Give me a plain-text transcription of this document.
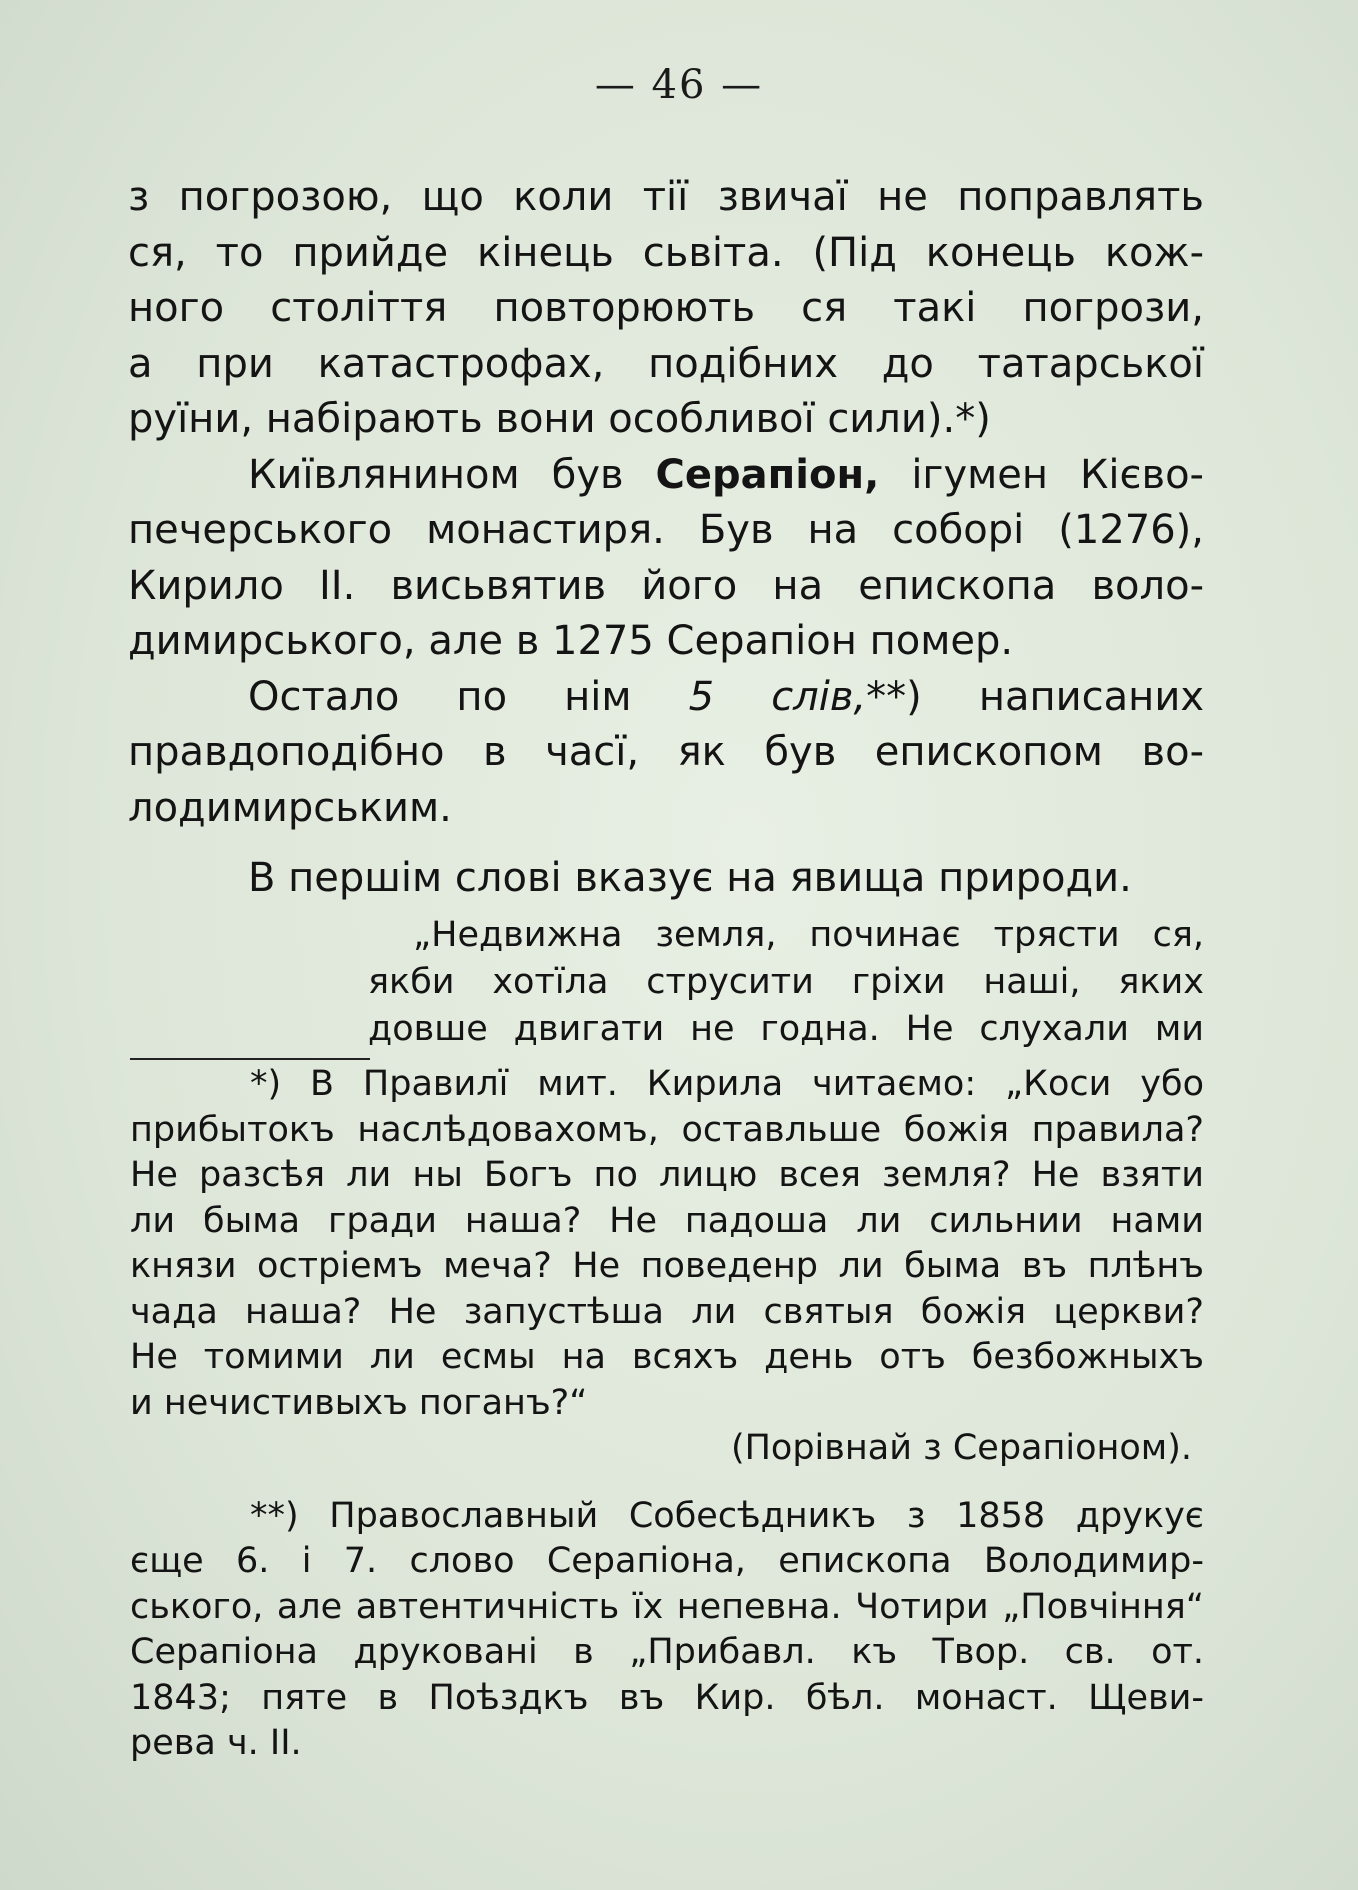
— 46 —
з погрозою, що коли тії звичаї не поправлять
ся, то прийде кінець сьвіта. (Під конець кож-
ного століття повторюють ся такі погрози,
а при катастрофах, подібних до татарської
руїни, набірають вони особливої сили).*)
Київлянином був Серапіон, ігумен Кієво-
печерського монастиря. Був на соборі (1276),
Кирило II. висьвятив його на епископа воло-
димирського, але в 1275 Серапіон помер.
Остало по нім 5 слів,**) написаних
правдоподібно в часї, як був епископом во-
лодимирським.
В першім слові вказує на явища природи.
„Недвижна земля, починає трясти ся,
якби хотїла струсити гріхи наші, яких
довше двигати не годна. Не слухали ми
*) В Правилї мит. Кирила читаємо: „Коси убо
прибытокъ наслѣдовахомъ, оставльше божія правила?
Не разсѣя ли ны Богъ по лицю всея земля? Не взяти
ли быма гради наша? Не падоша ли сильнии нами
князи остріемъ меча? Не поведенр ли быма въ плѣнъ
чада наша? Не запустѣша ли святыя божія церкви?
Не томими ли есмы на всяхъ день отъ безбожныхъ
и нечистивыхъ поганъ?“
(Порівнай з Серапіоном).
**) Православный Собесѣдникъ з 1858 друкує
єще 6. і 7. слово Серапіона, епископа Володимир-
ського, але автентичність їх непевна. Чотири „Повчіння“
Серапіона друковані в „Прибавл. къ Твор. св. от.
1843; пяте в Поѣздкъ въ Кир. бѣл. монаст. Щеви-
рева ч. II.
